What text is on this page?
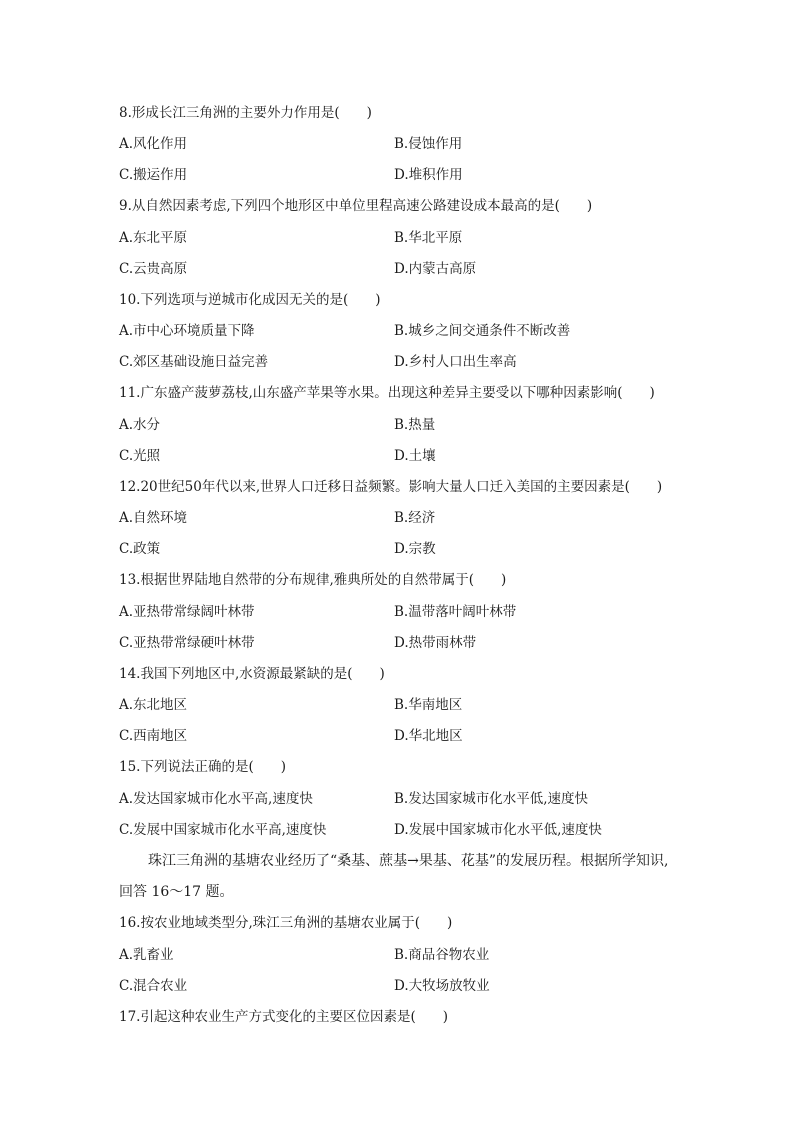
8.形成长江三角洲的主要外力作用是(　　)
A.风化作用	B.侵蚀作用
C.搬运作用	D.堆积作用
9.从自然因素考虑,下列四个地形区中单位里程高速公路建设成本最高的是(　　)
A.东北平原	B.华北平原
C.云贵高原	D.内蒙古高原
10.下列选项与逆城市化成因无关的是(　　)
A.市中心环境质量下降	B.城乡之间交通条件不断改善
C.郊区基础设施日益完善	D.乡村人口出生率高
11.广东盛产菠萝荔枝,山东盛产苹果等水果。出现这种差异主要受以下哪种因素影响(　　)
A.水分	B.热量
C.光照	D.土壤
12.20世纪50年代以来,世界人口迁移日益频繁。影响大量人口迁入美国的主要因素是(　　)
A.自然环境	B.经济
C.政策	D.宗教
13.根据世界陆地自然带的分布规律,雅典所处的自然带属于(　　)
A.亚热带常绿阔叶林带	B.温带落叶阔叶林带
C.亚热带常绿硬叶林带	D.热带雨林带
14.我国下列地区中,水资源最紧缺的是(　　)
A.东北地区	B.华南地区
C.西南地区	D.华北地区
15.下列说法正确的是(　　)
A.发达国家城市化水平高,速度快	B.发达国家城市化水平低,速度快
C.发展中国家城市化水平高,速度快	D.发展中国家城市化水平低,速度快
珠江三角洲的基塘农业经历了“桑基、蔗基→果基、花基”的发展历程。根据所学知识,
回答 16～17 题。
16.按农业地域类型分,珠江三角洲的基塘农业属于(　　)
A.乳畜业	B.商品谷物农业
C.混合农业	D.大牧场放牧业
17.引起这种农业生产方式变化的主要区位因素是(　　)
